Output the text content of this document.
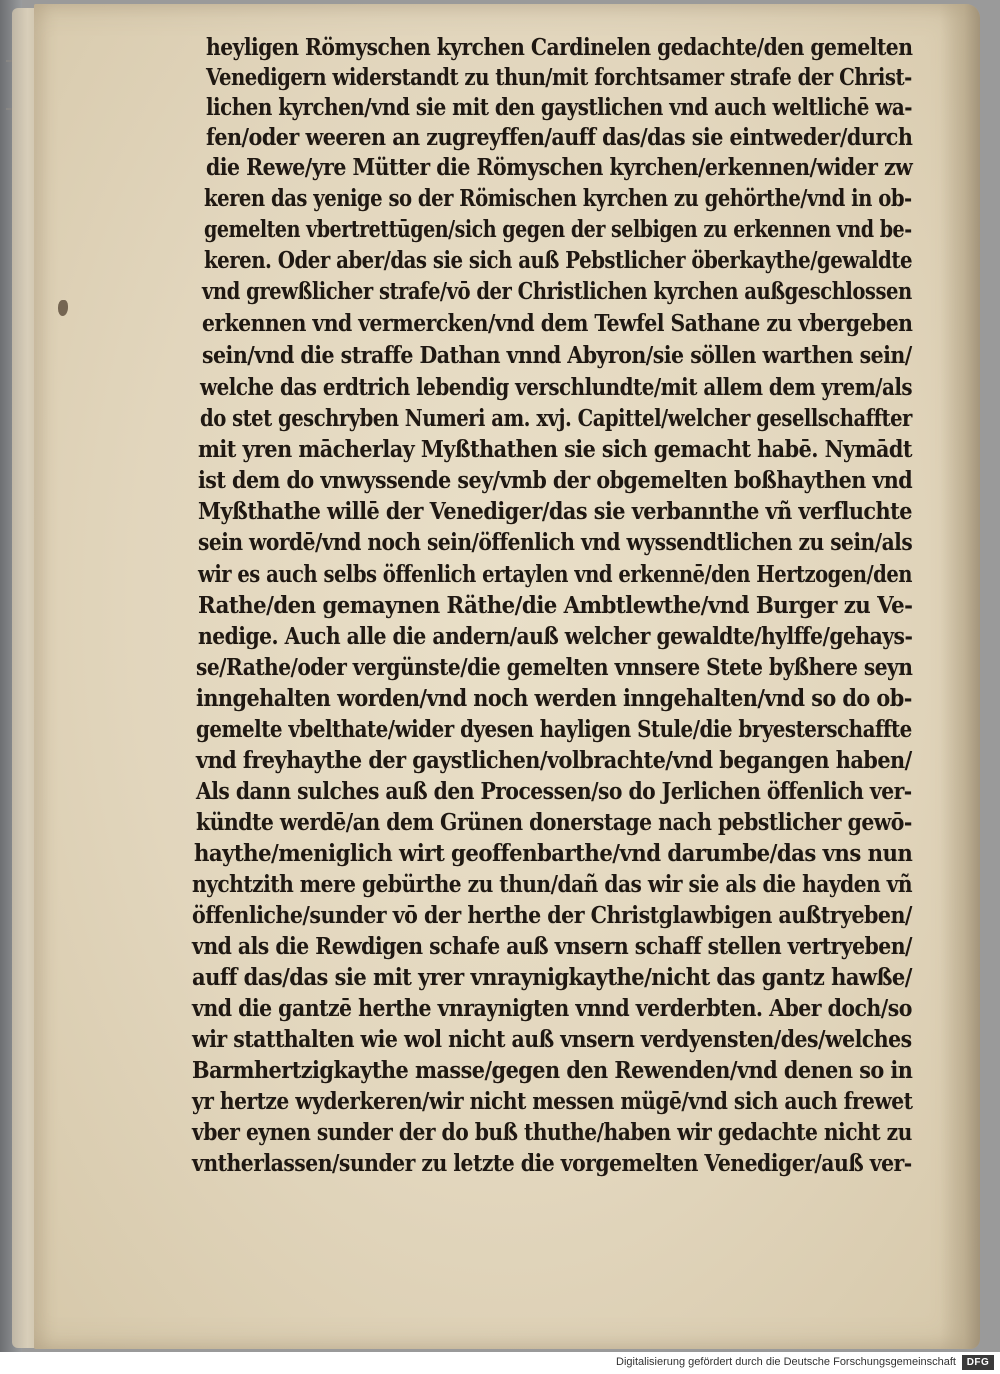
heyligen Römyschen kyrchen Cardinelen gedachte/den gemelten

Venedigern widerstandt zu thun/mit forchtsamer strafe der Christ-

lichen kyrchen/vnd sie mit den gaystlichen vnd auch weltlichē wa-

fen/oder weeren an zugreyffen/auff das/das sie eintweder/durch

die Rewe/yre Mütter die Römyschen kyrchen/erkennen/wider zw

keren das yenige so der Römischen kyrchen zu gehörthe/vnd in ob-

gemelten vbertrettūgen/sich gegen der selbigen zu erkennen vnd be-

keren. Oder aber/das sie sich auß Pebstlicher öberkaythe/gewaldte

vnd grewßlicher strafe/vō der Christlichen kyrchen außgeschlossen

erkennen vnd vermercken/vnd dem Tewfel Sathane zu vbergeben

sein/vnd die straffe Dathan vnnd Abyron/sie söllen warthen sein/

welche das erdtrich lebendig verschlundte/mit allem dem yrem/als

do stet geschryben Numeri am. xvj. Capittel/welcher gesellschaffter

mit yren mācherlay Myßthathen sie sich gemacht habē. Nymādt

ist dem do vnwyssende sey/vmb der obgemelten boßhaythen vnd

Myßthathe willē der Venediger/das sie verbannthe vñ verfluchte

sein wordē/vnd noch sein/öffenlich vnd wyssendtlichen zu sein/als

wir es auch selbs öffenlich ertaylen vnd erkennē/den Hertzogen/den

Rathe/den gemaynen Räthe/die Ambtlewthe/vnd Burger zu Ve-

nedige. Auch alle die andern/auß welcher gewaldte/hylffe/gehays-

se/Rathe/oder vergünste/die gemelten vnnsere Stete byßhere seyn

inngehalten worden/vnd noch werden inngehalten/vnd so do ob-

gemelte vbelthate/wider dyesen hayligen Stule/die bryesterschaffte

vnd freyhaythe der gaystlichen/volbrachte/vnd begangen haben/

Als dann sulches auß den Processen/so do Jerlichen öffenlich ver-

kündte werdē/an dem Grünen donerstage nach pebstlicher gewō-

haythe/meniglich wirt geoffenbarthe/vnd darumbe/das vns nun

nychtzith mere gebürthe zu thun/dañ das wir sie als die hayden vñ

öffenliche/sunder vō der herthe der Christglawbigen außtryeben/

vnd als die Rewdigen schafe auß vnsern schaff stellen vertryeben/

auff das/das sie mit yrer vnraynigkaythe/nicht das gantz hawße/

vnd die gantzē herthe vnraynigten vnnd verderbten. Aber doch/so

wir statthalten wie wol nicht auß vnsern verdyensten/des/welches

Barmhertzigkaythe masse/gegen den Rewenden/vnd denen so in

yr hertze wyderkeren/wir nicht messen mügē/vnd sich auch frewet

vber eynen sunder der do buß thuthe/haben wir gedachte nicht zu

vntherlassen/sunder zu letzte die vorgemelten Venediger/auß ver-

Digitalisierung gefördert durch die Deutsche Forschungsgemeinschaft	DFG
